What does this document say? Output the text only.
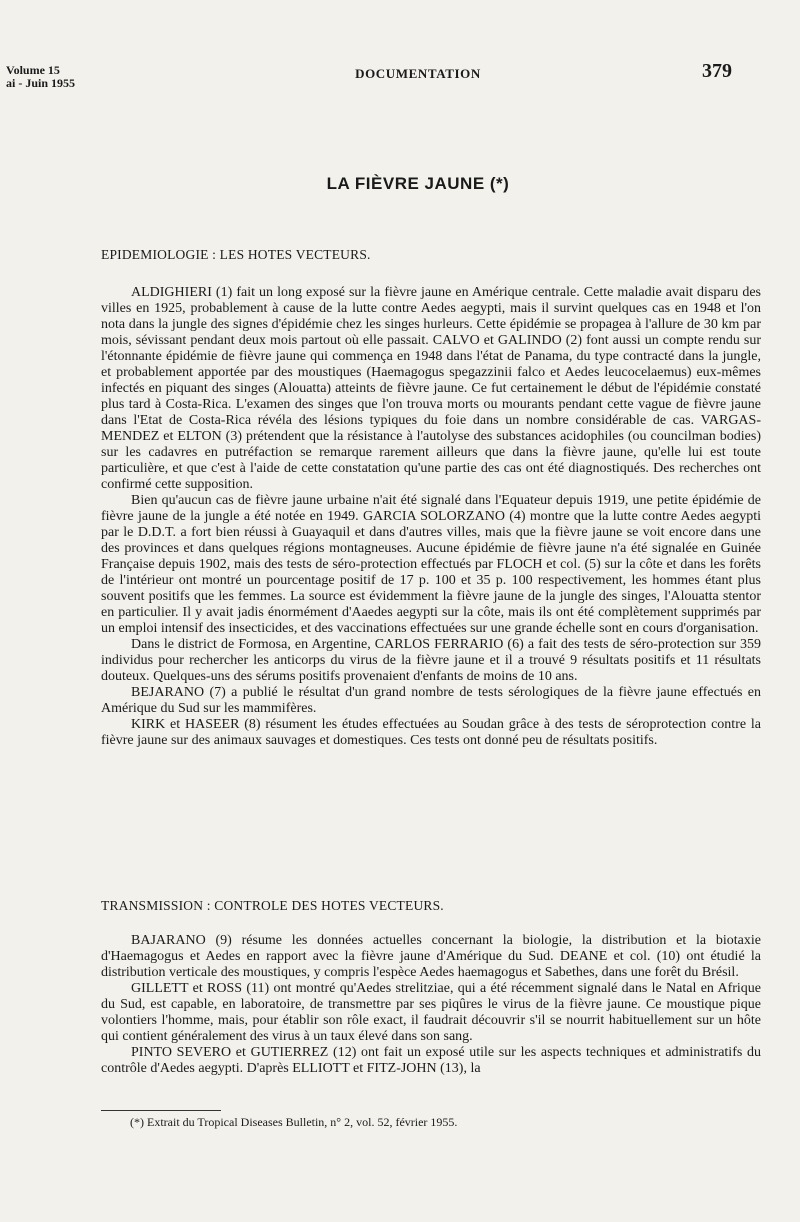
Volume 15
ai - Juin 1955
DOCUMENTATION	379
LA FIÈVRE JAUNE (*)
EPIDEMIOLOGIE : LES HOTES VECTEURS.

ALDIGHIERI (1) fait un long exposé sur la fièvre jaune en Amérique centrale. Cette maladie avait disparu des villes en 1925, probablement à cause de la lutte contre Aedes aegypti, mais il survint quelques cas en 1948 et l'on nota dans la jungle des signes d'épidémie chez les singes hurleurs. Cette épidémie se propagea à l'allure de 30 km par mois, sévissant pendant deux mois partout où elle passait. CALVO et GALINDO (2) font aussi un compte rendu sur l'étonnante épidémie de fièvre jaune qui commença en 1948 dans l'état de Panama, du type contracté dans la jungle, et probablement apportée par des moustiques (Haemagogus spegazzinii falco et Aedes leucocelaemus) eux-mêmes infectés en piquant des singes (Alouatta) atteints de fièvre jaune. Ce fut certainement le début de l'épidémie constaté plus tard à Costa-Rica. L'examen des singes que l'on trouva morts ou mourants pendant cette vague de fièvre jaune dans l'Etat de Costa-Rica révéla des lésions typiques du foie dans un nombre considérable de cas. VARGAS-MENDEZ et ELTON (3) prétendent que la résistance à l'autolyse des substances acidophiles (ou councilman bodies) sur les cadavres en putréfaction se remarque rarement ailleurs que dans la fièvre jaune, qu'elle lui est toute particulière, et que c'est à l'aide de cette constatation qu'une partie des cas ont été diagnostiqués. Des recherches ont confirmé cette supposition.

Bien qu'aucun cas de fièvre jaune urbaine n'ait été signalé dans l'Equateur depuis 1919, une petite épidémie de fièvre jaune de la jungle a été notée en 1949. GARCIA SOLORZANO (4) montre que la lutte contre Aedes aegypti par le D.D.T. a fort bien réussi à Guayaquil et dans d'autres villes, mais que la fièvre jaune se voit encore dans une des provinces et dans quelques régions montagneuses. Aucune épidémie de fièvre jaune n'a été signalée en Guinée Française depuis 1902, mais des tests de séro-protection effectués par FLOCH et col. (5) sur la côte et dans les forêts de l'intérieur ont montré un pourcentage positif de 17 p. 100 et 35 p. 100 respectivement, les hommes étant plus souvent positifs que les femmes. La source est évidemment la fièvre jaune de la jungle des singes, l'Alouatta stentor en particulier. Il y avait jadis énormément d'Aaedes aegypti sur la côte, mais ils ont été complètement supprimés par un emploi intensif des insecticides, et des vaccinations effectuées sur une grande échelle sont en cours d'organisation.

Dans le district de Formosa, en Argentine, CARLOS FERRARIO (6) a fait des tests de séro-protection sur 359 individus pour rechercher les anticorps du virus de la fièvre jaune et il a trouvé 9 résultats positifs et 11 résultats douteux. Quelques-uns des sérums positifs provenaient d'enfants de moins de 10 ans.

BEJARANO (7) a publié le résultat d'un grand nombre de tests sérologiques de la fièvre jaune effectués en Amérique du Sud sur les mammifères.

KIRK et HASEER (8) résument les études effectuées au Soudan grâce à des tests de séroprotection contre la fièvre jaune sur des animaux sauvages et domestiques. Ces tests ont donné peu de résultats positifs.

TRANSMISSION : CONTROLE DES HOTES VECTEURS.

BAJARANO (9) résume les données actuelles concernant la biologie, la distribution et la biotaxie d'Haemagogus et Aedes en rapport avec la fièvre jaune d'Amérique du Sud. DEANE et col. (10) ont étudié la distribution verticale des moustiques, y compris l'espèce Aedes haemagogus et Sabethes, dans une forêt du Brésil.

GILLETT et ROSS (11) ont montré qu'Aedes strelitziae, qui a été récemment signalé dans le Natal en Afrique du Sud, est capable, en laboratoire, de transmettre par ses piqûres le virus de la fièvre jaune. Ce moustique pique volontiers l'homme, mais, pour établir son rôle exact, il faudrait découvrir s'il se nourrit habituellement sur un hôte qui contient généralement des virus à un taux élevé dans son sang.

PINTO SEVERO et GUTIERREZ (12) ont fait un exposé utile sur les aspects techniques et administratifs du contrôle d'Aedes aegypti. D'après ELLIOTT et FITZ-JOHN (13), la

(*) Extrait du Tropical Diseases Bulletin, n° 2, vol. 52, février 1955.
